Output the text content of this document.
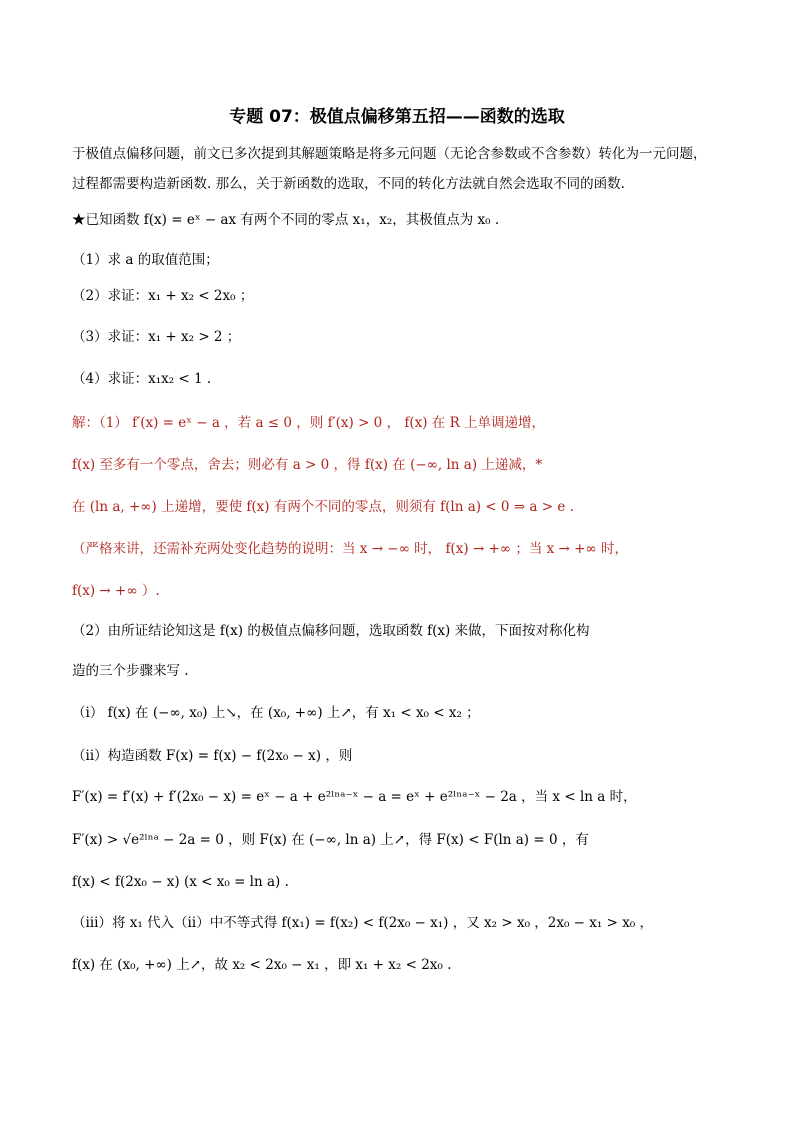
专题 07：极值点偏移第五招——函数的选取
于极值点偏移问题，前文已多次提到其解题策略是将多元问题（无论含参数或不含参数）转化为一元问题，
过程都需要构造新函数. 那么，关于新函数的选取，不同的转化方法就自然会选取不同的函数.
★已知函数 f(x) = eˣ − ax 有两个不同的零点 x₁，x₂，其极值点为 x₀ .
（1）求 a 的取值范围；
（2）求证：x₁ + x₂ < 2x₀ ；
（3）求证：x₁ + x₂ > 2 ；
（4）求证：x₁x₂ < 1 .
解：（1） f′(x) = eˣ − a ，若 a ≤ 0 ，则 f′(x) > 0 ， f(x) 在 R 上单调递增，
f(x) 至多有一个零点，舍去；则必有 a > 0 ，得 f(x) 在 (−∞, ln a) 上递减，*
在 (ln a, +∞) 上递增，要使 f(x) 有两个不同的零点，则须有 f(ln a) < 0 ⇒ a > e .
（严格来讲，还需补充两处变化趋势的说明：当 x → −∞ 时， f(x) → +∞ ；当 x → +∞ 时，
f(x) → +∞ ）.
（2）由所证结论知这是 f(x) 的极值点偏移问题，选取函数 f(x) 来做，下面按对称化构
造的三个步骤来写 .
（ⅰ） f(x) 在 (−∞, x₀) 上↘，在 (x₀, +∞) 上↗，有 x₁ < x₀ < x₂ ；
（ⅱ）构造函数 F(x) = f(x) − f(2x₀ − x) ，则
F′(x) = f′(x) + f′(2x₀ − x) = eˣ − a + e²ˡⁿᵃ⁻ˣ − a = eˣ + e²ˡⁿᵃ⁻ˣ − 2a ，当 x < ln a 时，
F′(x) > √e²ˡⁿᵃ − 2a = 0 ，则 F(x) 在 (−∞, ln a) 上↗，得 F(x) < F(ln a) = 0 ，有
f(x) < f(2x₀ − x) (x < x₀ = ln a) .
（ⅲ）将 x₁ 代入（ⅱ）中不等式得 f(x₁) = f(x₂) < f(2x₀ − x₁) ，又 x₂ > x₀ ，2x₀ − x₁ > x₀ ，
f(x) 在 (x₀, +∞) 上↗，故 x₂ < 2x₀ − x₁ ，即 x₁ + x₂ < 2x₀ .
